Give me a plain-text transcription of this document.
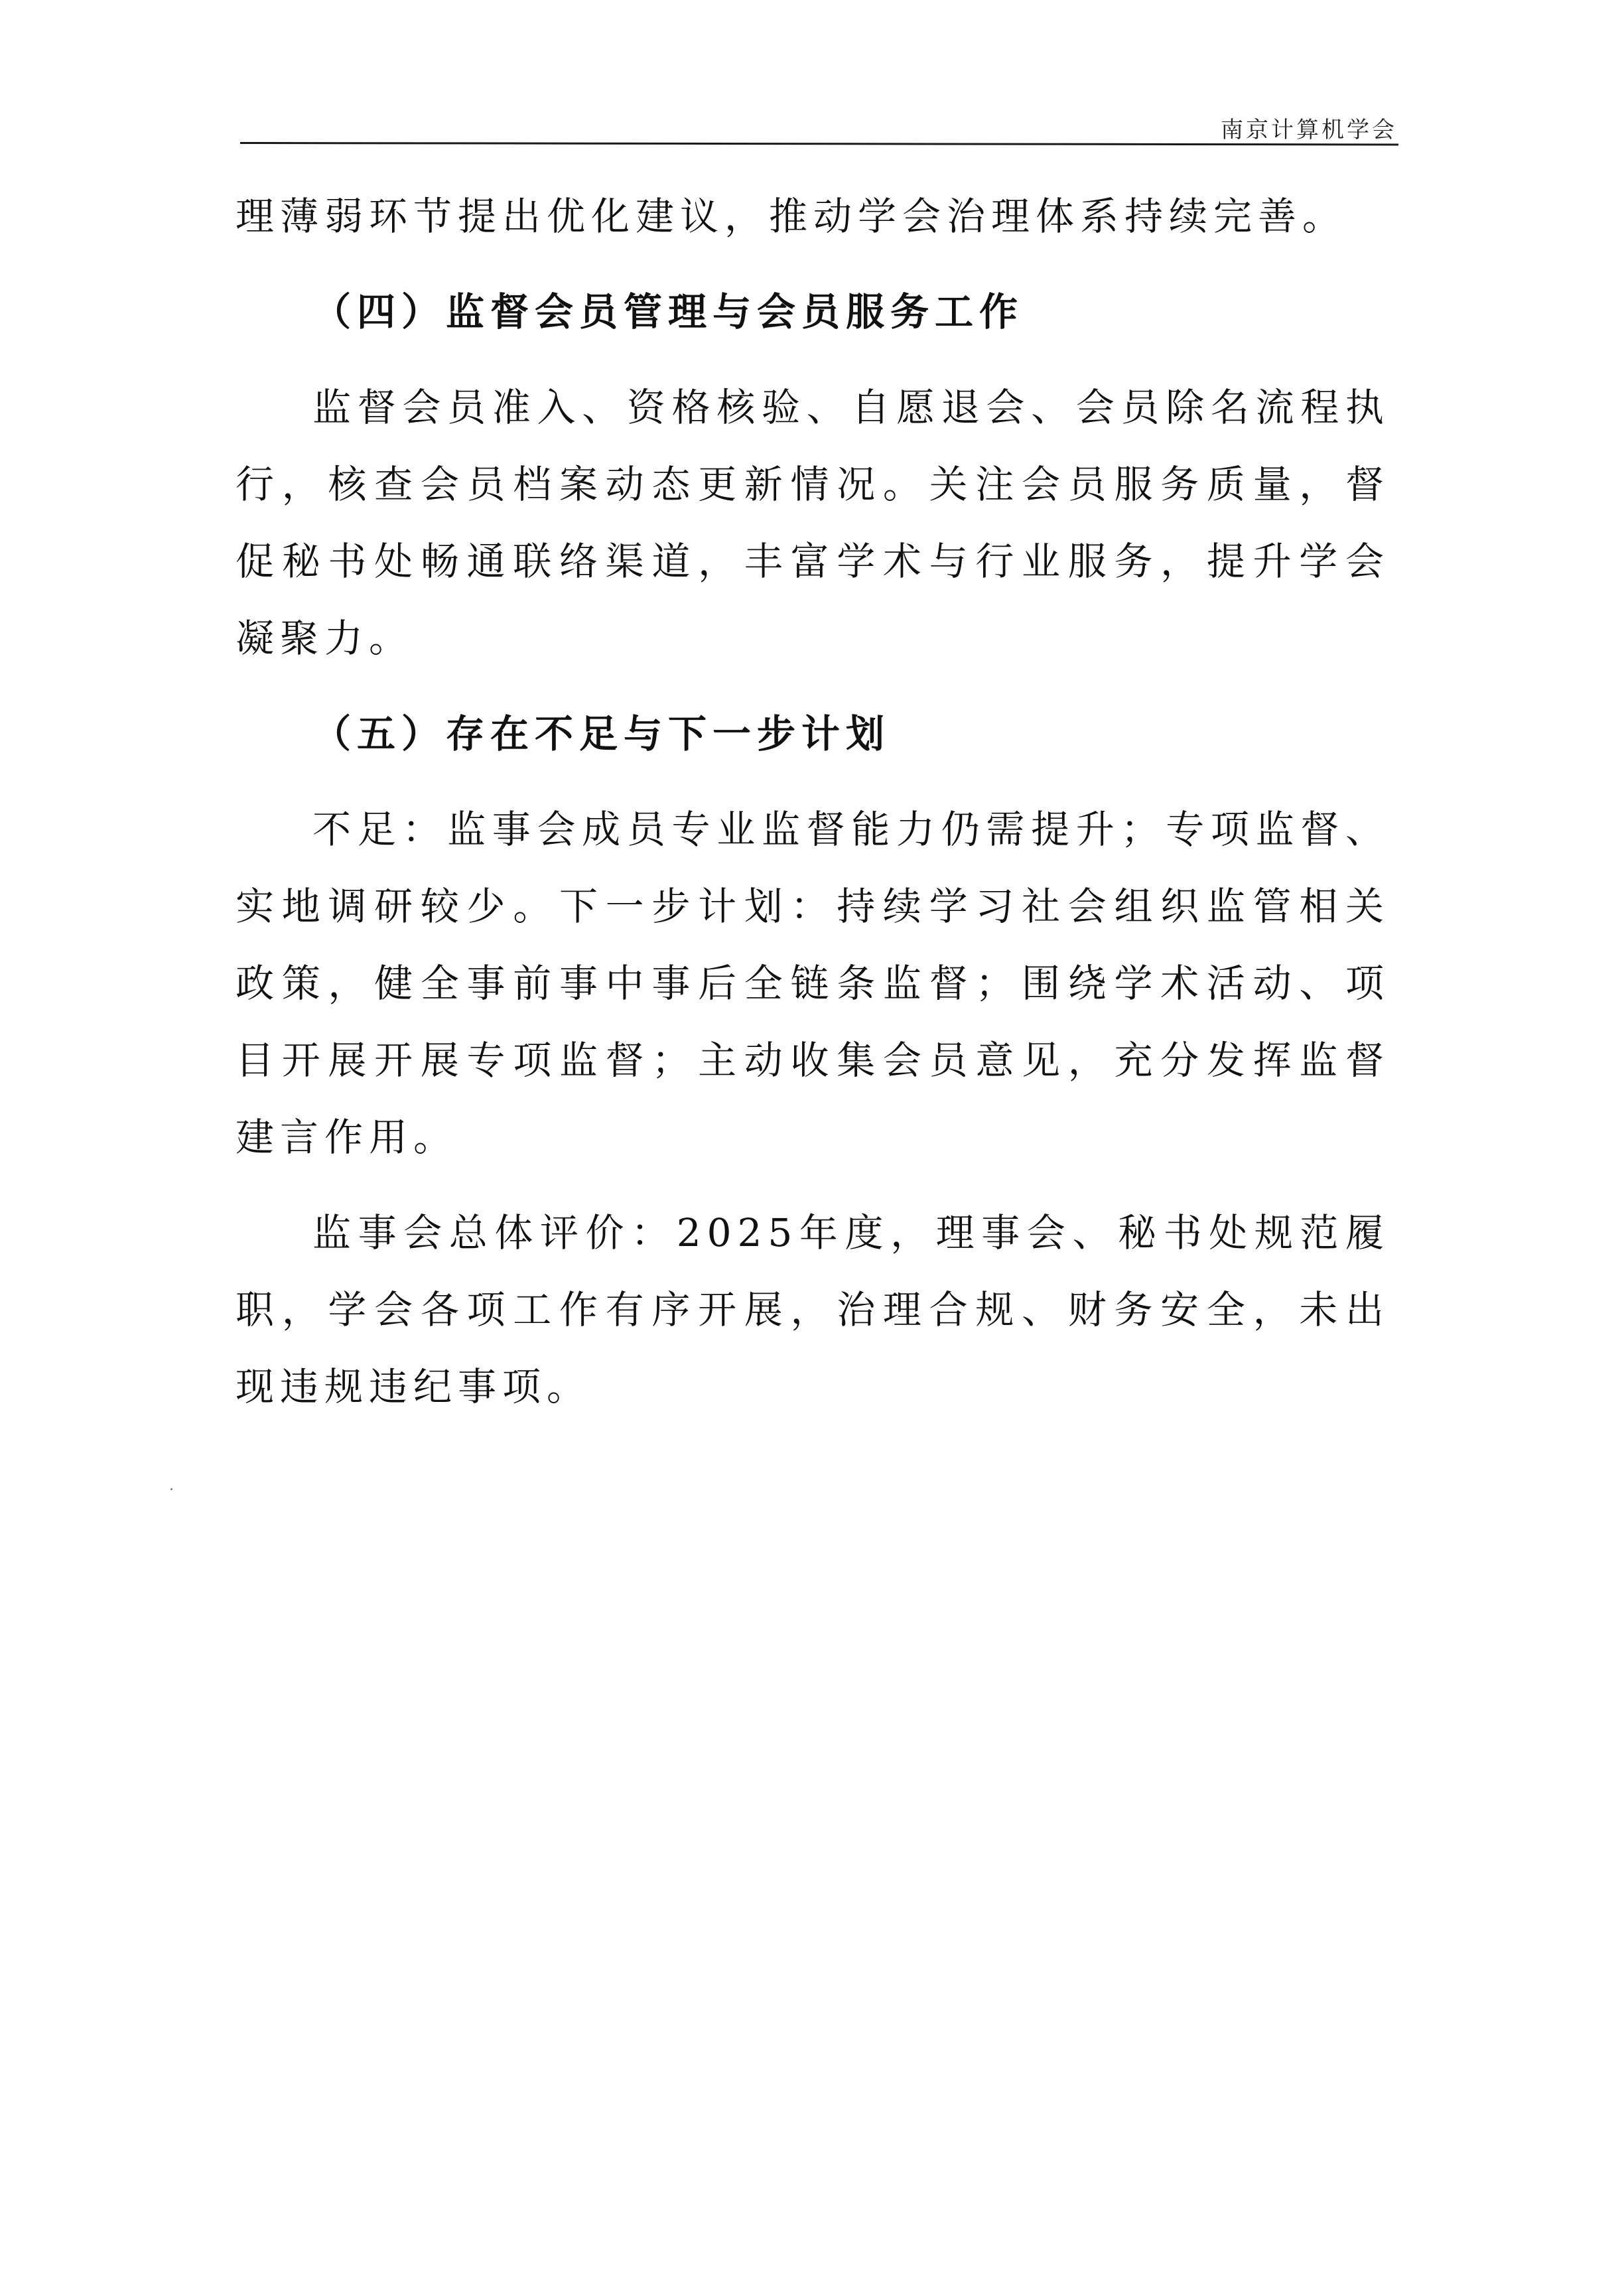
南京计算机学会

理薄弱环节提出优化建议，推动学会治理体系持续完善。

（四）监督会员管理与会员服务工作

监督会员准入、资格核验、自愿退会、会员除名流程执行，核查会员档案动态更新情况。关注会员服务质量，督促秘书处畅通联络渠道，丰富学术与行业服务，提升学会凝聚力。

（五）存在不足与下一步计划

不足：监事会成员专业监督能力仍需提升；专项监督、实地调研较少。下一步计划：持续学习社会组织监管相关政策，健全事前事中事后全链条监督；围绕学术活动、项目开展开展专项监督；主动收集会员意见，充分发挥监督建言作用。

监事会总体评价：2025年度，理事会、秘书处规范履职，学会各项工作有序开展，治理合规、财务安全，未出现违规违纪事项。
